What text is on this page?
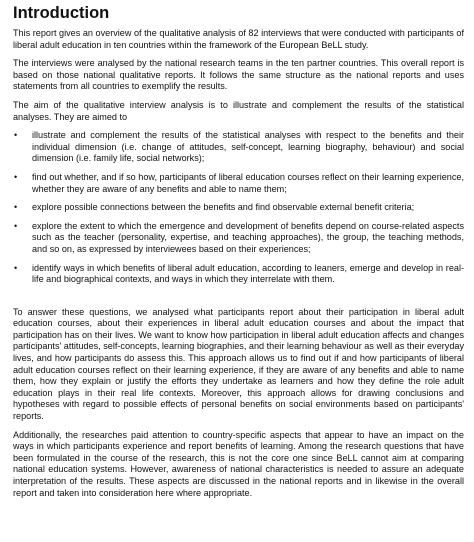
Introduction

This report gives an overview of the qualitative analysis of 82 interviews that were conducted with participants of liberal adult education in ten countries within the framework of the European BeLL study.

The interviews were analysed by the national research teams in the ten partner countries. This overall report is based on those national qualitative reports. It follows the same structure as the national reports and uses statements from all countries to exemplify the results.

The aim of the qualitative interview analysis is to illustrate and complement the results of the statistical analyses. They are aimed to

• illustrate and complement the results of the statistical analyses with respect to the benefits and their individual dimension (i.e. change of attitudes, self-concept, learning biography, behaviour) and social dimension (i.e. family life, social networks);
• find out whether, and if so how, participants of liberal education courses reflect on their learning experience, whether they are aware of any benefits and able to name them;
• explore possible connections between the benefits and find observable external benefit criteria;
• explore the extent to which the emergence and development of benefits depend on course-related aspects such as the teacher (personality, expertise, and teaching approaches), the group, the teaching methods, and so on, as expressed by interviewees based on their experiences;
• identify ways in which benefits of liberal adult education, according to leaners, emerge and develop in real-life and biographical contexts, and ways in which they interrelate with them.

To answer these questions, we analysed what participants report about their participation in liberal adult education courses, about their experiences in liberal adult education courses and about the impact that participation has on their lives. We want to know how participation in liberal adult education affects and changes participants' attitudes, self-concepts, learning biographies, and their learning behaviour as well as their everyday lives, and how participants do assess this. This approach allows us to find out if and how participants of liberal adult education courses reflect on their learning experience, if they are aware of any benefits and able to name them, how they explain or justify the efforts they undertake as learners and how they define the role adult education plays in their real life contexts. Moreover, this approach allows for drawing conclusions and hypotheses with regard to possible effects of personal benefits on social environments based on participants' reports.

Additionally, the researches paid attention to country-specific aspects that appear to have an impact on the ways in which participants experience and report benefits of learning. Among the research questions that have been formulated in the course of the research, this is not the core one since BeLL cannot aim at comparing national education systems. However, awareness of national characteristics is needed to assure an adequate interpretation of the results. These aspects are discussed in the national reports and in likewise in the overall report and taken into consideration here where appropriate.
